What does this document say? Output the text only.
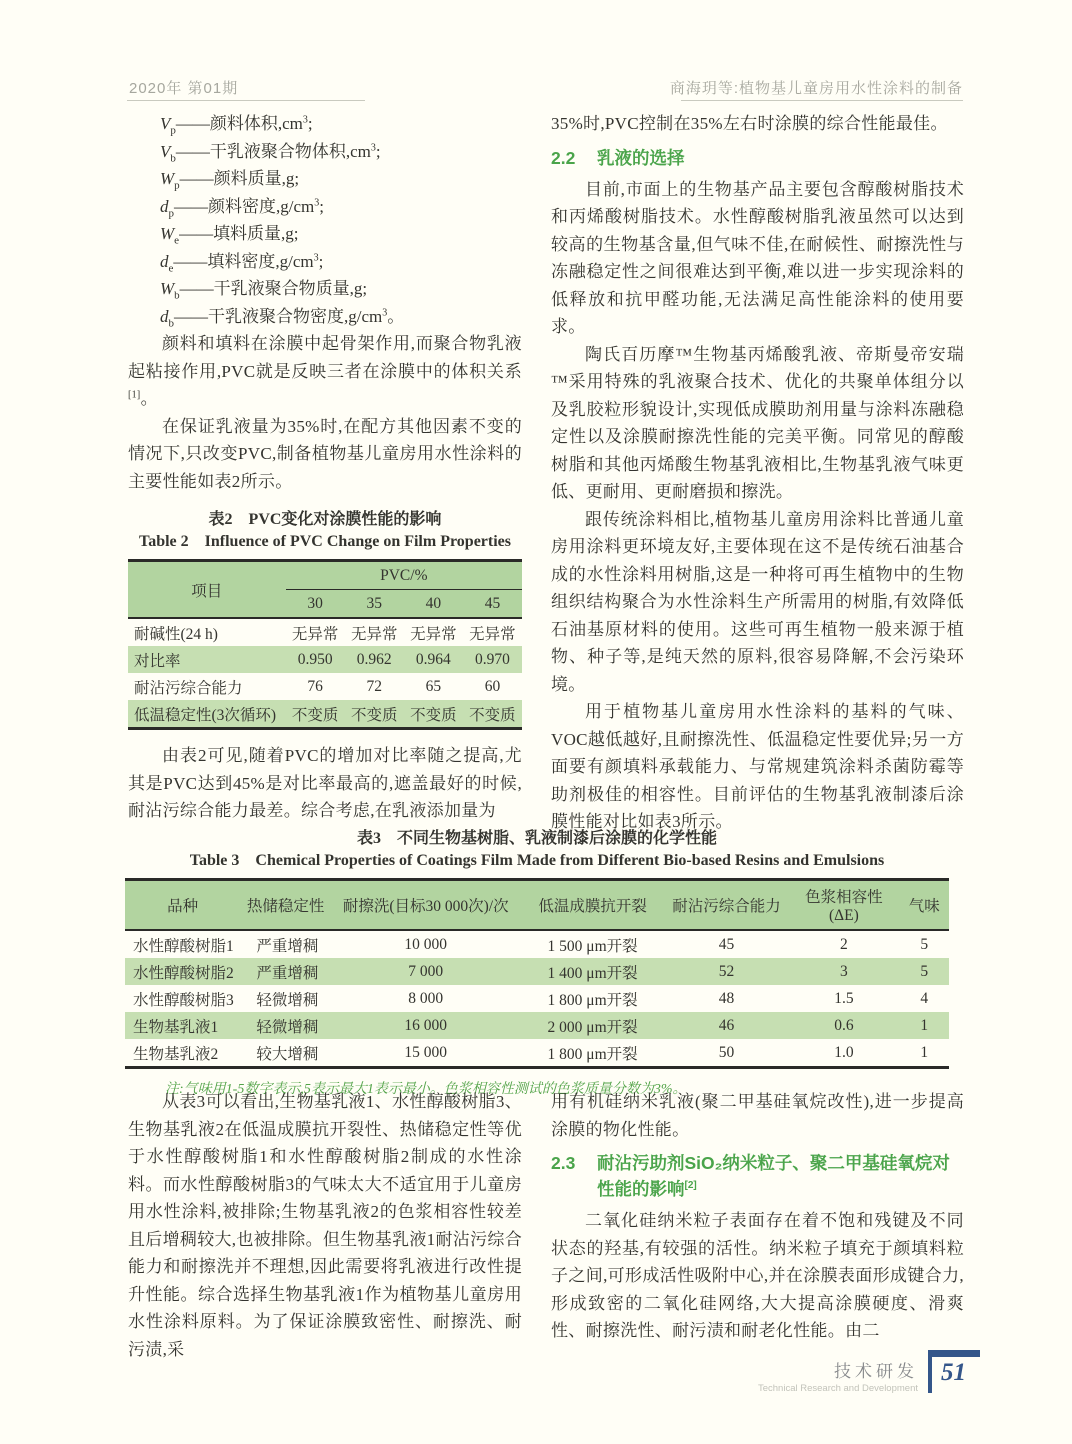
2020年 第01期	商海玥等:植物基儿童房用水性涂料的制备
$V_p——$颜料体积$,cm^3$;
$V_b——$干乳液聚合物体积$,cm^3$;
$W_p——$颜料质量,g;
$d_p——$颜料密度$,g/cm^3$;
$W_e——$填料质量,g;
$d_e——$填料密度$,g/cm^3$;
$W_b——$干乳液聚合物质量,g;
$d_b——$干乳液聚合物密度$,g/cm^3$。

颜料和填料在涂膜中起骨架作用,而聚合物乳液起粘接作用,PVC就是反映三者在涂膜中的体积关系[1]。

在保证乳液量为35%时,在配方其他因素不变的情况下,只改变PVC,制备植物基儿童房用水性涂料的主要性能如表2所示。

表2　PVC变化对涂膜性能的影响
Table 2　Influence of PVC Change on Film Properties
项目	PVC/%			
	30	35	40	45
耐碱性(24 h)	无异常	无异常	无异常	无异常
对比率	0.950	0.962	0.964	0.970
耐沾污综合能力	76	72	65	60
低温稳定性(3次循环)	不变质	不变质	不变质	不变质

由表2可见,随着PVC的增加对比率随之提高,尤其是PVC达到45%是对比率最高的,遮盖最好的时候,耐沾污综合能力最差。综合考虑,在乳液添加量为

35%时,PVC控制在35%左右时涂膜的综合性能最佳。

2.2	乳液的选择

目前,市面上的生物基产品主要包含醇酸树脂技术和丙烯酸树脂技术。水性醇酸树脂乳液虽然可以达到较高的生物基含量,但气味不佳,在耐候性、耐擦洗性与冻融稳定性之间很难达到平衡,难以进一步实现涂料的低释放和抗甲醛功能,无法满足高性能涂料的使用要求。

陶氏百历摩™生物基丙烯酸乳液、帝斯曼帝安瑞™采用特殊的乳液聚合技术、优化的共聚单体组分以及乳胶粒形貌设计,实现低成膜助剂用量与涂料冻融稳定性以及涂膜耐擦洗性能的完美平衡。同常见的醇酸树脂和其他丙烯酸生物基乳液相比,生物基乳液气味更低、更耐用、更耐磨损和擦洗。

跟传统涂料相比,植物基儿童房用涂料比普通儿童房用涂料更环境友好,主要体现在这不是传统石油基合成的水性涂料用树脂,这是一种将可再生植物中的生物组织结构聚合为水性涂料生产所需用的树脂,有效降低石油基原材料的使用。这些可再生植物一般来源于植物、种子等,是纯天然的原料,很容易降解,不会污染环境。

用于植物基儿童房用水性涂料的基料的气味、VOC越低越好,且耐擦洗性、低温稳定性要优异;另一方面要有颜填料承载能力、与常规建筑涂料杀菌防霉等助剂极佳的相容性。目前评估的生物基乳液制漆后涂膜性能对比如表3所示。

表3　不同生物基树脂、乳液制漆后涂膜的化学性能
Table 3　Chemical Properties of Coatings Film Made from Different Bio-based Resins and Emulsions
品种	热储稳定性	耐擦洗(目标30 000次)/次	低温成膜抗开裂	耐沾污综合能力	色浆相容性(ΔE)	气味
水性醇酸树脂1	严重增稠	10 000	1 500 μm开裂	45	2	5
水性醇酸树脂2	严重增稠	7 000	1 400 μm开裂	52	3	5
水性醇酸树脂3	轻微增稠	8 000	1 800 μm开裂	48	1.5	4
生物基乳液1	轻微增稠	16 000	2 000 μm开裂	46	0.6	1
生物基乳液2	较大增稠	15 000	1 800 μm开裂	50	1.0	1
注:气味用1-5数字表示,5表示最大1表示最小。色浆相容性测试的色浆质量分数为3%。

从表3可以看出,生物基乳液1、水性醇酸树脂3、生物基乳液2在低温成膜抗开裂性、热储稳定性等优于水性醇酸树脂1和水性醇酸树脂2制成的水性涂料。而水性醇酸树脂3的气味太大不适宜用于儿童房用水性涂料,被排除;生物基乳液2的色浆相容性较差且后增稠较大,也被排除。但生物基乳液1耐沾污综合能力和耐擦洗并不理想,因此需要将乳液进行改性提升性能。综合选择生物基乳液1作为植物基儿童房用水性涂料原料。为了保证涂膜致密性、耐擦洗、耐污渍,采

用有机硅纳米乳液(聚二甲基硅氧烷改性),进一步提高涂膜的物化性能。

2.3	耐沾污助剂SiO₂纳米粒子、聚二甲基硅氧烷对性能的影响[2]

二氧化硅纳米粒子表面存在着不饱和残键及不同状态的羟基,有较强的活性。纳米粒子填充于颜填料粒子之间,可形成活性吸附中心,并在涂膜表面形成键合力,形成致密的二氧化硅网络,大大提高涂膜硬度、滑爽性、耐擦洗性、耐污渍和耐老化性能。由二

技术研发
Technical Research and Development
51
